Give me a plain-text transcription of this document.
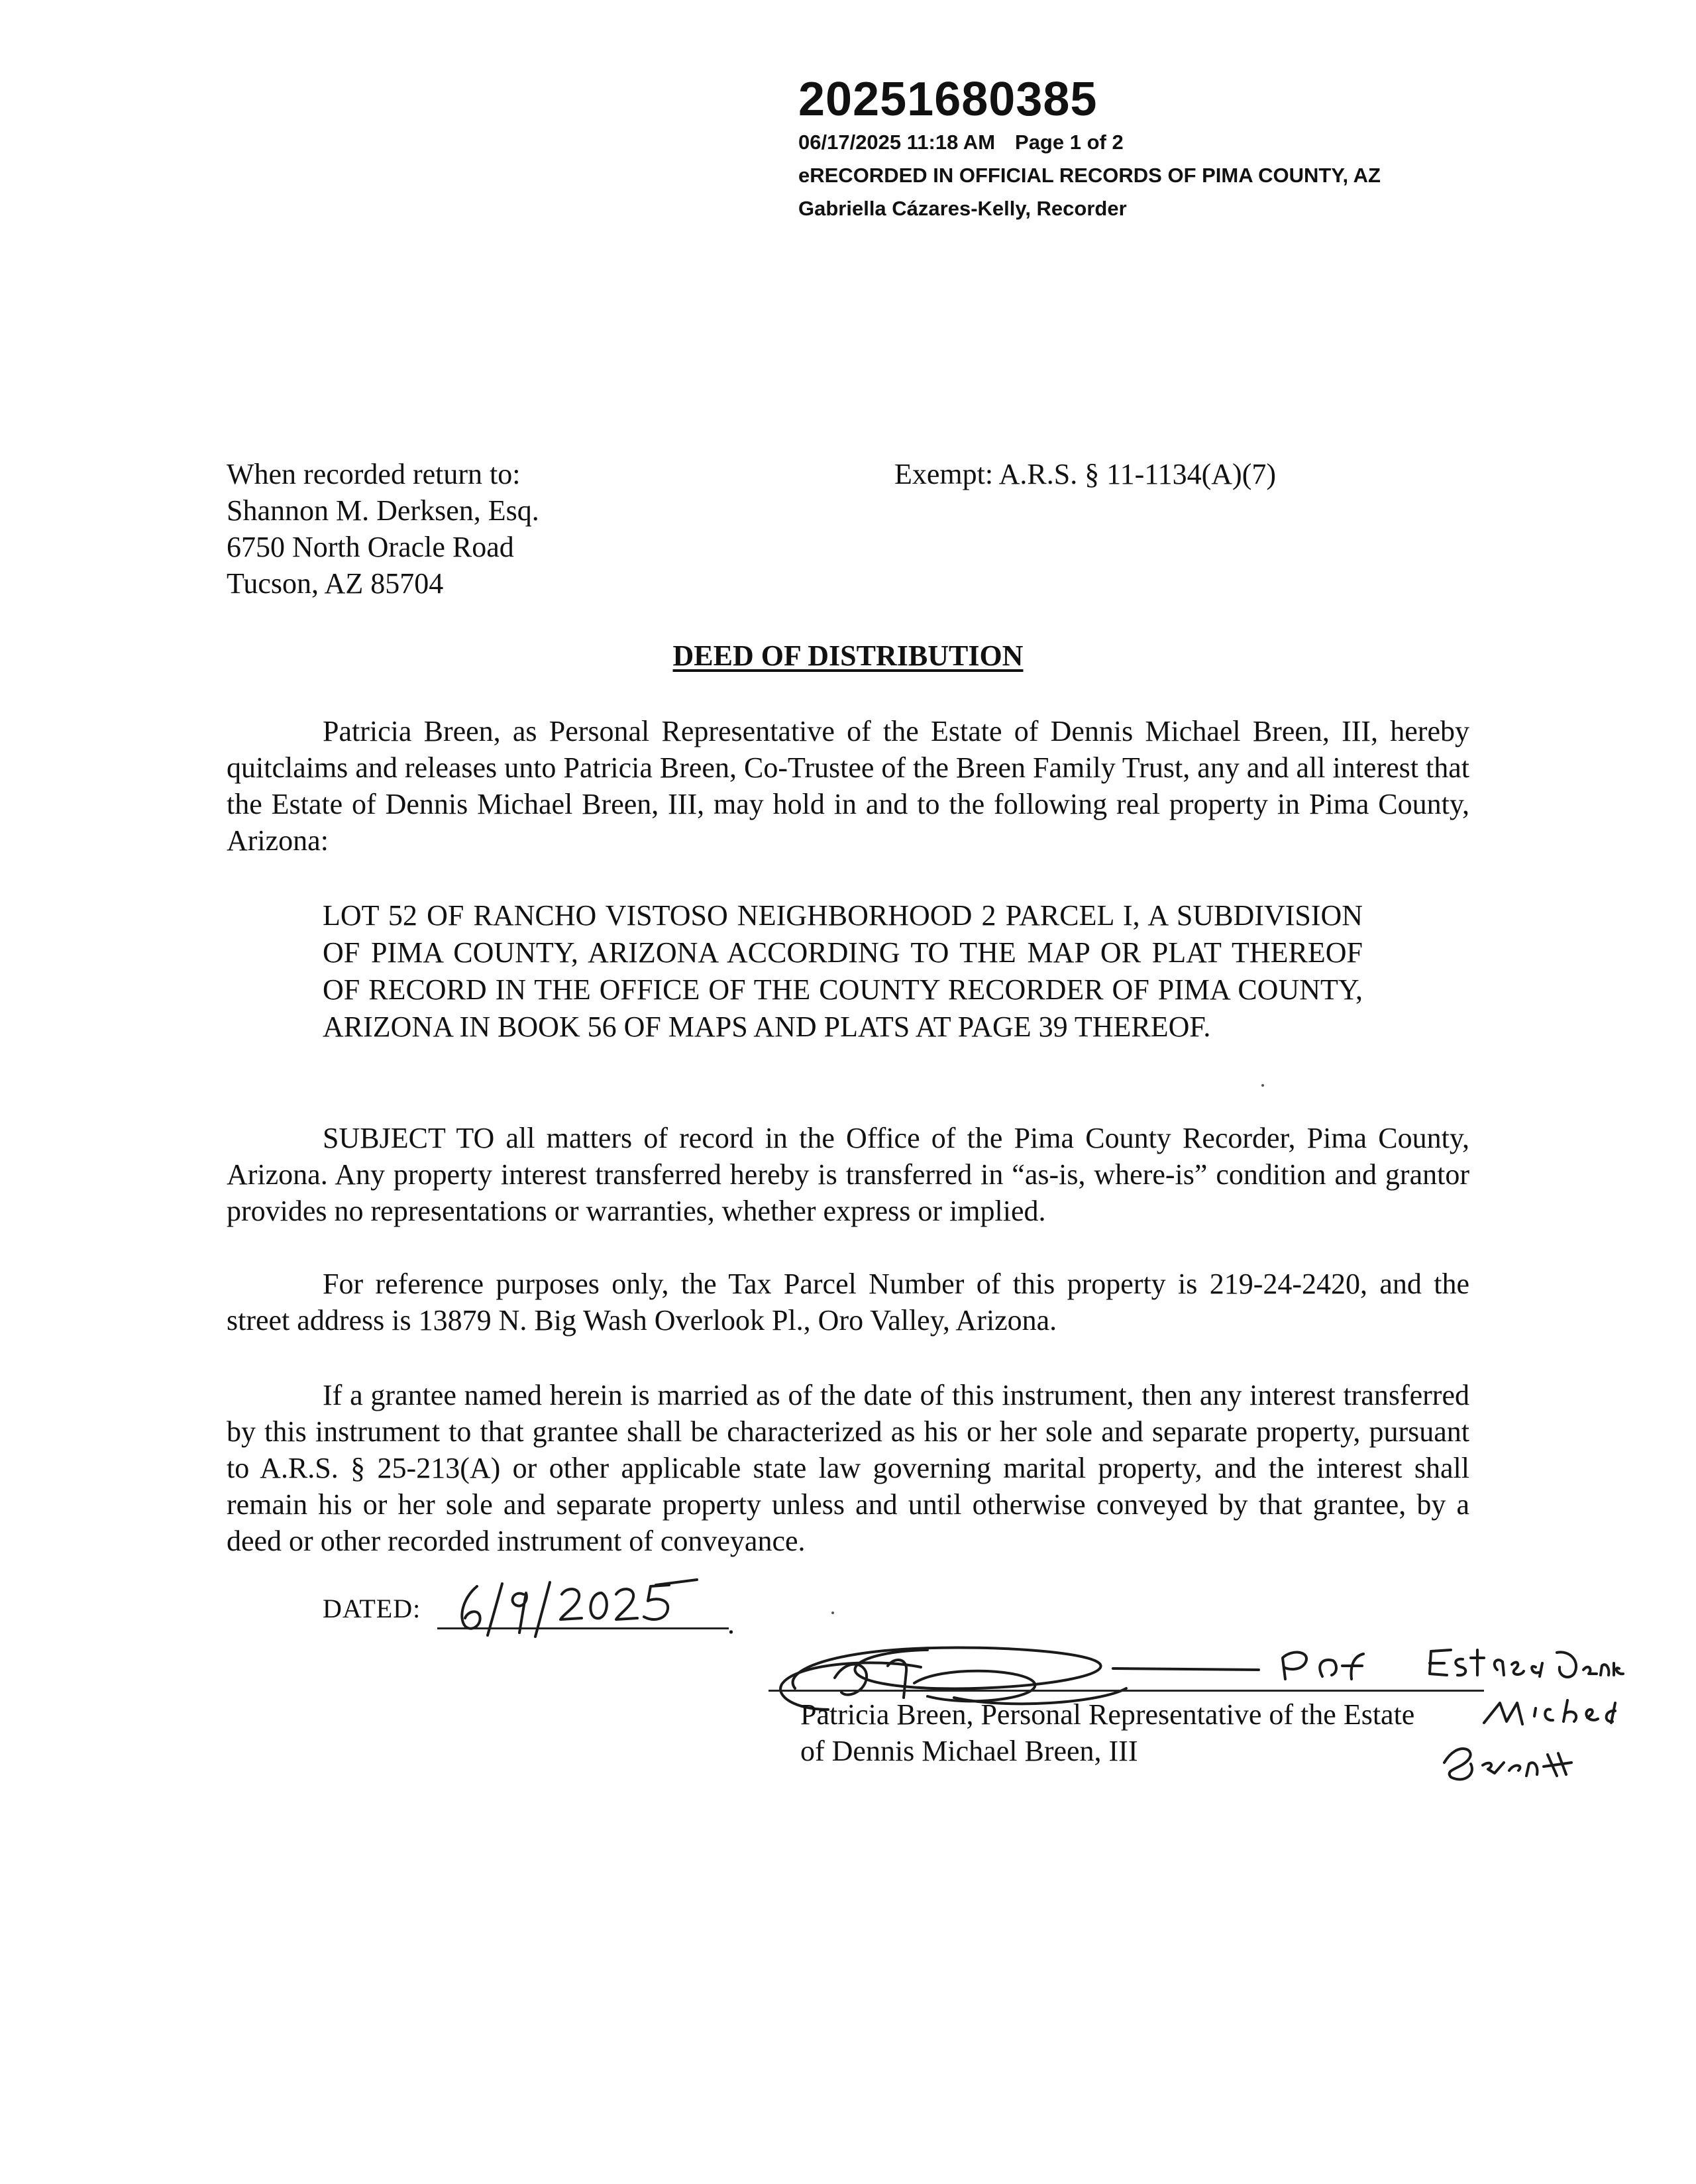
20251680385
06/17/2025 11:18 AM Page 1 of 2
eRECORDED IN OFFICIAL RECORDS OF PIMA COUNTY, AZ
Gabriella Cázares-Kelly, Recorder
When recorded return to:
Shannon M. Derksen, Esq.
6750 North Oracle Road
Tucson, AZ 85704
Exempt: A.R.S. § 11-1134(A)(7)
DEED OF DISTRIBUTION
Patricia Breen, as Personal Representative of the Estate of Dennis Michael Breen, III, hereby quitclaims and releases unto Patricia Breen, Co-Trustee of the Breen Family Trust, any and all interest that the Estate of Dennis Michael Breen, III, may hold in and to the following real property in Pima County, Arizona:
LOT 52 OF RANCHO VISTOSO NEIGHBORHOOD 2 PARCEL I, A SUBDIVISION OF PIMA COUNTY, ARIZONA ACCORDING TO THE MAP OR PLAT THEREOF OF RECORD IN THE OFFICE OF THE COUNTY RECORDER OF PIMA COUNTY, ARIZONA IN BOOK 56 OF MAPS AND PLATS AT PAGE 39 THEREOF.
SUBJECT TO all matters of record in the Office of the Pima County Recorder, Pima County, Arizona. Any property interest transferred hereby is transferred in “as-is, where-is” condition and grantor provides no representations or warranties, whether express or implied.
For reference purposes only, the Tax Parcel Number of this property is 219-24-2420, and the street address is 13879 N. Big Wash Overlook Pl., Oro Valley, Arizona.
If a grantee named herein is married as of the date of this instrument, then any interest transferred by this instrument to that grantee shall be characterized as his or her sole and separate property, pursuant to A.R.S. § 25-213(A) or other applicable state law governing marital property, and the interest shall remain his or her sole and separate property unless and until otherwise conveyed by that grantee, by a deed or other recorded instrument of conveyance.
DATED:	.
Patricia Breen, Personal Representative of the Estate
of Dennis Michael Breen, III
